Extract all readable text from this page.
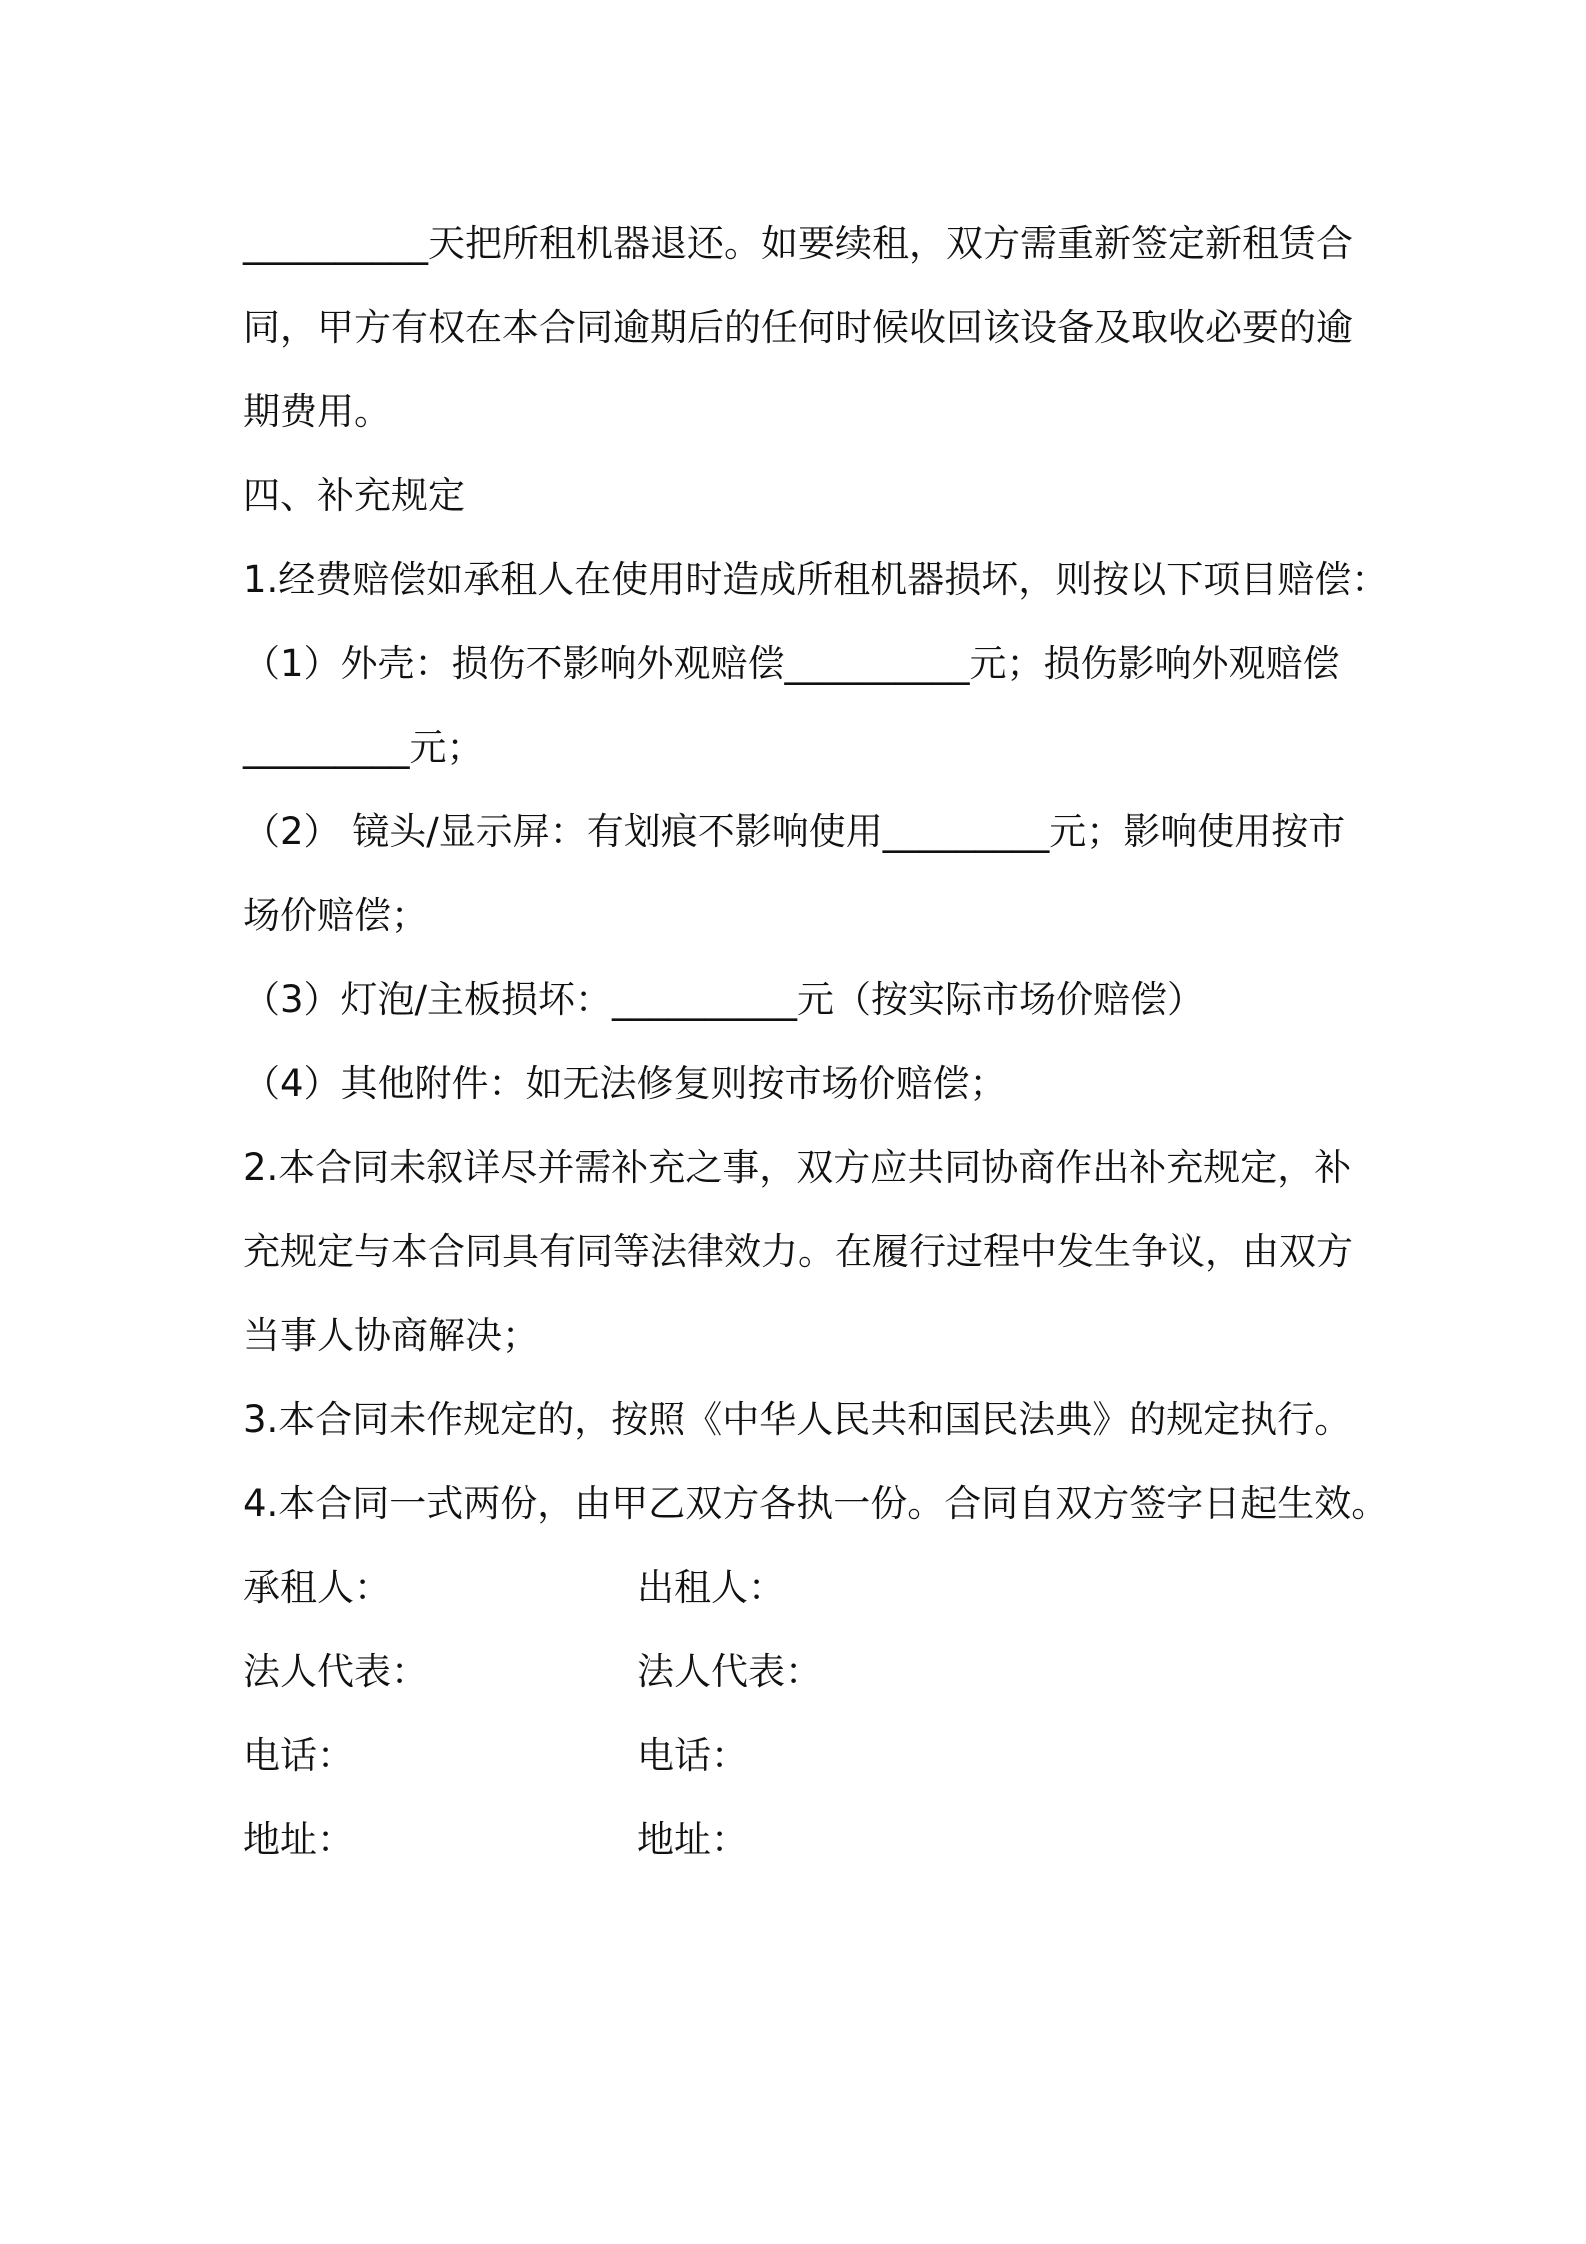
__________天把所租机器退还。如要续租，双方需重新签定新租赁合

同，甲方有权在本合同逾期后的任何时候收回该设备及取收必要的逾

期费用。

四、补充规定

1.经费赔偿如承租人在使用时造成所租机器损坏，则按以下项目赔偿：

（1）外壳：损伤不影响外观赔偿__________元；损伤影响外观赔偿

_________元；

（2） 镜头/显示屏：有划痕不影响使用_________元；影响使用按市

场价赔偿；

（3）灯泡/主板损坏：__________元（按实际市场价赔偿）

（4）其他附件：如无法修复则按市场价赔偿；

2.本合同未叙详尽并需补充之事，双方应共同协商作出补充规定，补

充规定与本合同具有同等法律效力。在履行过程中发生争议，由双方

当事人协商解决；

3.本合同未作规定的，按照《中华人民共和国民法典》的规定执行。

4.本合同一式两份，由甲乙双方各执一份。合同自双方签字日起生效。

承租人：	出租人：
法人代表：	法人代表：
电话：	电话：
地址：	地址：
